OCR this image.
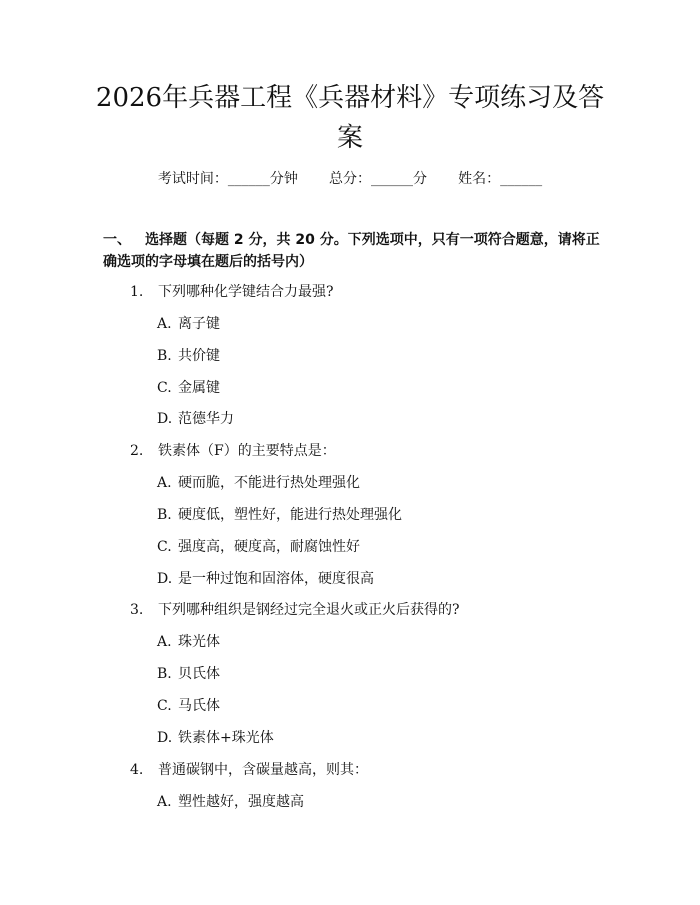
2026年兵器工程《兵器材料》专项练习及答案
考试时间：______分钟 总分：______分 姓名：______
一、 选择题（每题 2 分，共 20 分。下列选项中，只有一项符合题意，请将正确选项的字母填在题后的括号内）
1. 下列哪种化学键结合力最强?
A. 离子键
B. 共价键
C. 金属键
D. 范德华力
2. 铁素体（F）的主要特点是：
A. 硬而脆，不能进行热处理强化
B. 硬度低，塑性好，能进行热处理强化
C. 强度高，硬度高，耐腐蚀性好
D. 是一种过饱和固溶体，硬度很高
3. 下列哪种组织是钢经过完全退火或正火后获得的?
A. 珠光体
B. 贝氏体
C. 马氏体
D. 铁素体+珠光体
4. 普通碳钢中，含碳量越高，则其：
A. 塑性越好，强度越高
